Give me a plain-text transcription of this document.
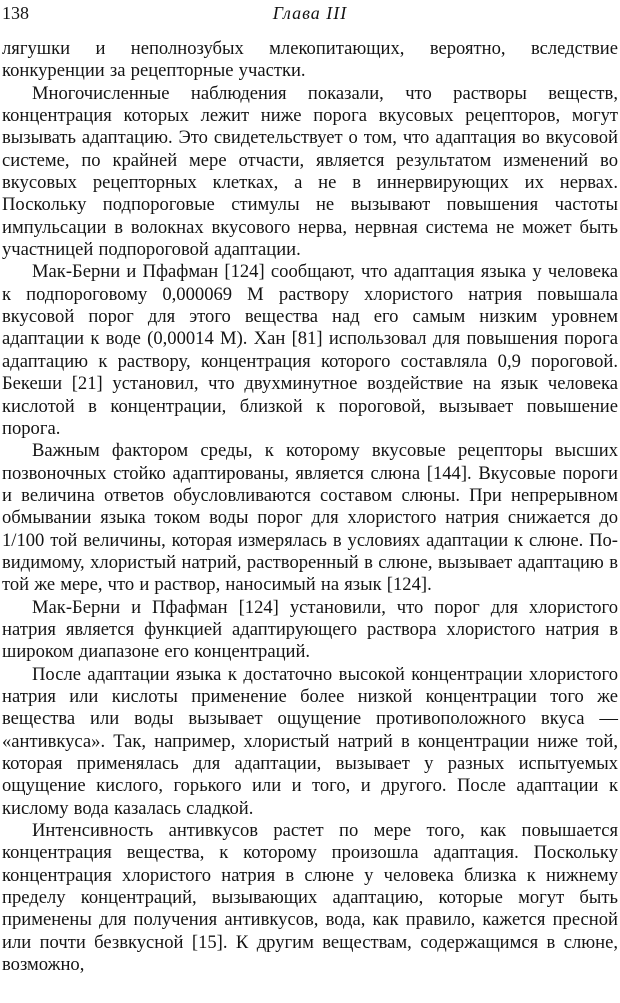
138	Глава III

лягушки и неполнозубых млекопитающих, вероятно, вследствие конкуренции за рецепторные участки.

Многочисленные наблюдения показали, что растворы веществ, концентрация которых лежит ниже порога вкусовых рецепторов, могут вызывать адаптацию. Это свидетельствует о том, что адаптация во вкусовой системе, по крайней мере отчасти, является результатом изменений во вкусовых рецепторных клетках, а не в иннервирующих их нервах. Поскольку подпороговые стимулы не вызывают повышения частоты импульсации в волокнах вкусового нерва, нервная система не может быть участницей подпороговой адаптации.

Мак-Берни и Пфафман [124] сообщают, что адаптация языка у человека к подпороговому 0,000069 М раствору хлористого натрия повышала вкусовой порог для этого вещества над его самым низким уровнем адаптации к воде (0,00014 М). Хан [81] использовал для повышения порога адаптацию к раствору, концентрация которого составляла 0,9 пороговой. Бекеши [21] установил, что двухминутное воздействие на язык человека кислотой в концентрации, близкой к пороговой, вызывает повышение порога.

Важным фактором среды, к которому вкусовые рецепторы высших позвоночных стойко адаптированы, является слюна [144]. Вкусовые пороги и величина ответов обусловливаются составом слюны. При непрерывном обмывании языка током воды порог для хлористого натрия снижается до 1/100 той величины, которая измерялась в условиях адаптации к слюне. По-видимому, хлористый натрий, растворенный в слюне, вызывает адаптацию в той же мере, что и раствор, наносимый на язык [124].

Мак-Берни и Пфафман [124] установили, что порог для хлористого натрия является функцией адаптирующего раствора хлористого натрия в широком диапазоне его концентраций.

После адаптации языка к достаточно высокой концентрации хлористого натрия или кислоты применение более низкой концентрации того же вещества или воды вызывает ощущение противоположного вкуса — «антивкуса». Так, например, хлористый натрий в концентрации ниже той, которая применялась для адаптации, вызывает у разных испытуемых ощущение кислого, горького или и того, и другого. После адаптации к кислому вода казалась сладкой.

Интенсивность антивкусов растет по мере того, как повышается концентрация вещества, к которому произошла адаптация. Поскольку концентрация хлористого натрия в слюне у человека близка к нижнему пределу концентраций, вызывающих адаптацию, которые могут быть применены для получения антивкусов, вода, как правило, кажется пресной или почти безвкусной [15]. К другим веществам, содержащимся в слюне, возможно,
